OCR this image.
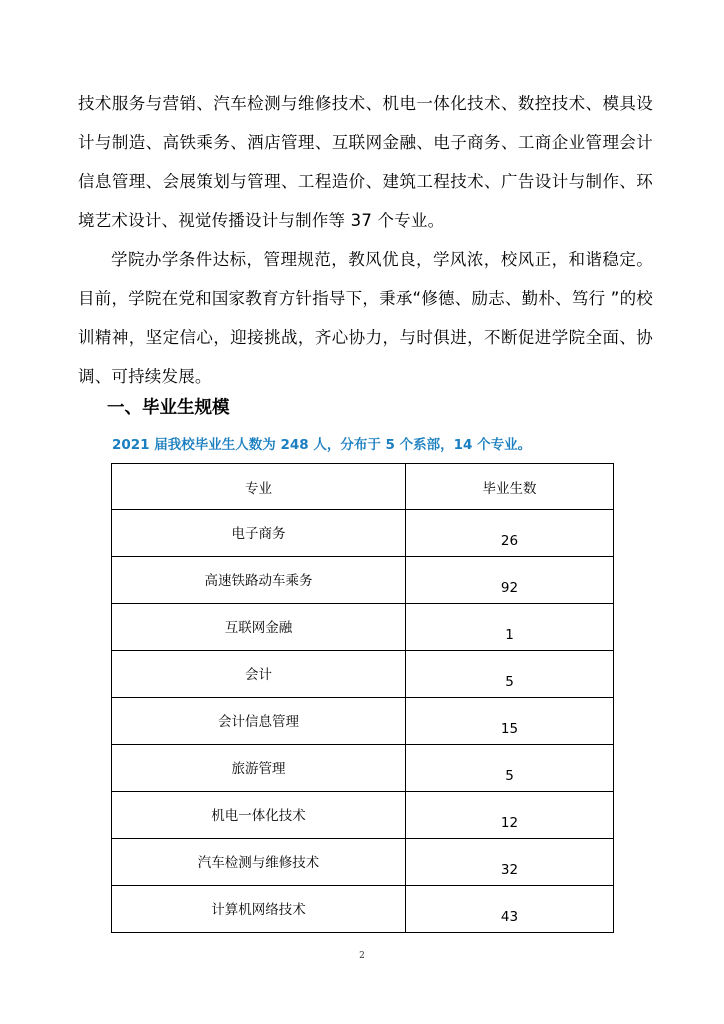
技术服务与营销、汽车检测与维修技术、机电一体化技术、数控技术、模具设计与制造、高铁乘务、酒店管理、互联网金融、电子商务、工商企业管理会计信息管理、会展策划与管理、工程造价、建筑工程技术、广告设计与制作、环境艺术设计、视觉传播设计与制作等 37 个专业。

学院办学条件达标，管理规范，教风优良，学风浓，校风正，和谐稳定。目前，学院在党和国家教育方针指导下，秉承“修德、励志、勤朴、笃行 ”的校训精神，坚定信心，迎接挑战，齐心协力，与时俱进，不断促进学院全面、协调、可持续发展。

一、毕业生规模

2021 届我校毕业生人数为 248 人，分布于 5 个系部，14 个专业。

专业	毕业生数
电子商务	26
高速铁路动车乘务	92
互联网金融	1
会计	5
会计信息管理	15
旅游管理	5
机电一体化技术	12
汽车检测与维修技术	32
计算机网络技术	43
2
